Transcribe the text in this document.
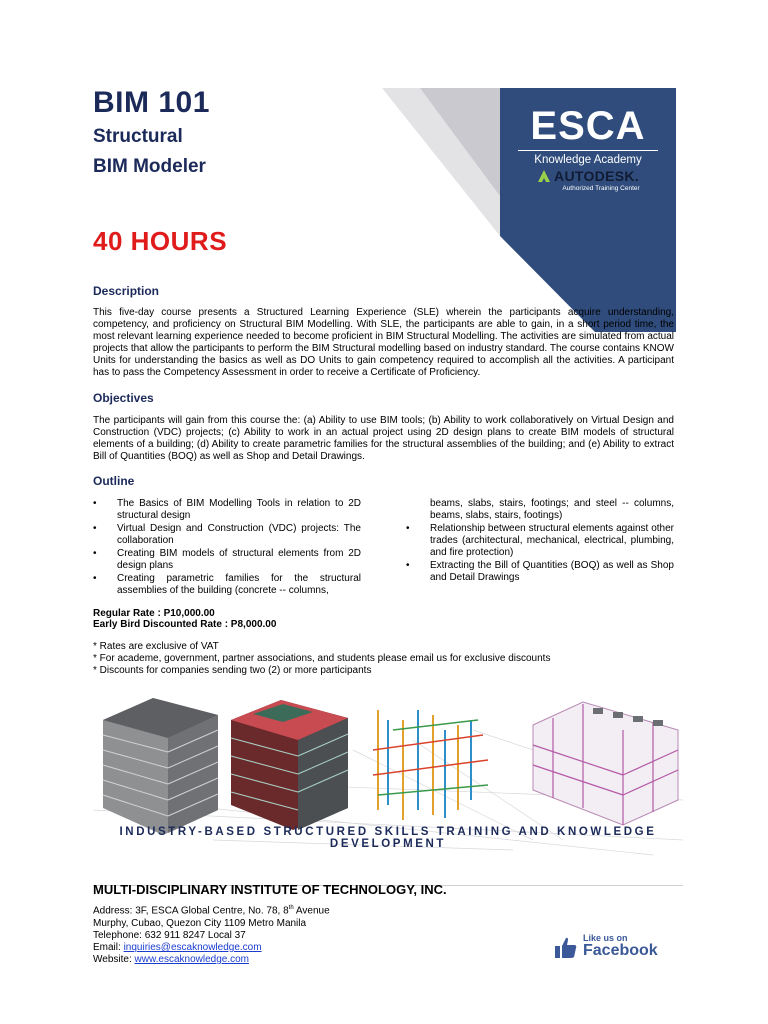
BIM 101
Structural
BIM Modeler
40 HOURS
ESCA
Knowledge Academy
AUTODESK.
Authorized Training Center
Description

This five-day course presents a Structured Learning Experience (SLE) wherein the participants acquire understanding, competency, and proficiency on Structural BIM Modelling. With SLE, the participants are able to gain, in a short period time, the most relevant learning experience needed to become proficient in BIM Structural Modelling. The activities are simulated from actual projects that allow the participants to perform the BIM Structural modelling based on industry standard. The course contains KNOW Units for understanding the basics as well as DO Units to gain competency required to accomplish all the activities. A participant has to pass the Competency Assessment in order to receive a Certificate of Proficiency.

Objectives

The participants will gain from this course the: (a) Ability to use BIM tools; (b) Ability to work collaboratively on Virtual Design and Construction (VDC) projects; (c) Ability to work in an actual project using 2D design plans to create BIM models of structural elements of a building; (d) Ability to create parametric families for the structural assemblies of the building; and (e) Ability to extract Bill of Quantities (BOQ) as well as Shop and Detail Drawings.

Outline
• The Basics of BIM Modelling Tools in relation to 2D structural design
• Virtual Design and Construction (VDC) projects: The collaboration
• Creating BIM models of structural elements from 2D design plans
• Creating parametric families for the structural assemblies of the building (concrete -- columns,
beams, slabs, stairs, footings; and steel -- columns, beams, slabs, stairs, footings)
• Relationship between structural elements against other trades (architectural, mechanical, electrical, plumbing, and fire protection)
• Extracting the Bill of Quantities (BOQ) as well as Shop and Detail Drawings
Regular Rate : P10,000.00
Early Bird Discounted Rate : P8,000.00
* Rates are exclusive of VAT
* For academe, government, partner associations, and students please email us for exclusive discounts
* Discounts for companies sending two (2) or more participants
INDUSTRY-BASED STRUCTURED SKILLS TRAINING AND KNOWLEDGE DEVELOPMENT
MULTI-DISCIPLINARY INSTITUTE OF TECHNOLOGY, INC.
Address: 3F, ESCA Global Centre, No. 78, 8th Avenue
Murphy, Cubao, Quezon City 1109 Metro Manila
Telephone: 632 911 8247 Local 37
Email: inquiries@escaknowledge.com
Website: www.escaknowledge.com
Like us on
Facebook
